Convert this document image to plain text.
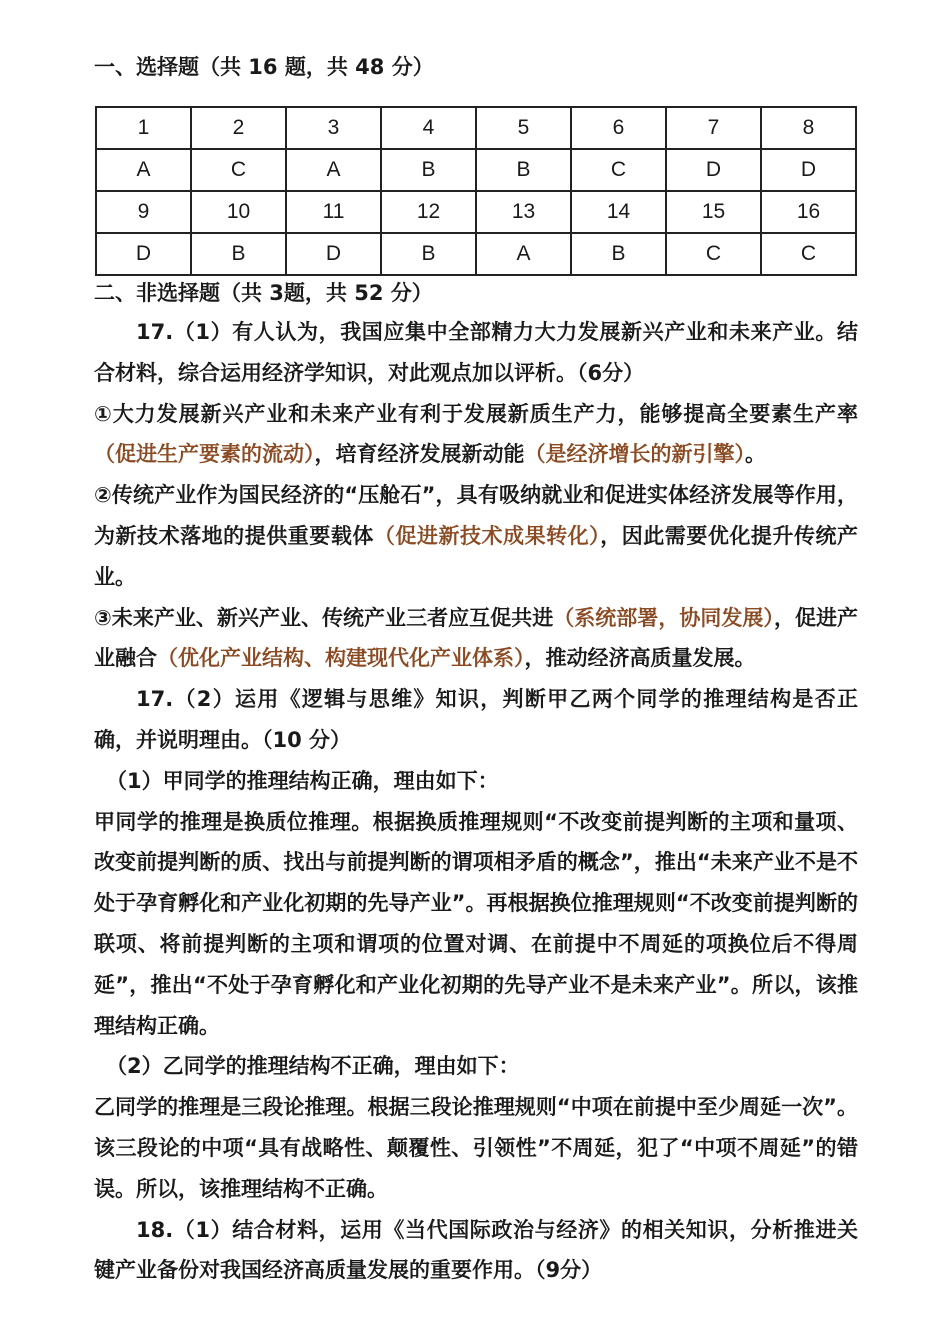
一、选择题（共 16 题，共 48 分）
1	2	3	4	5	6	7	8
A	C	A	B	B	C	D	D
9	10	11	12	13	14	15	16
D	B	D	B	A	B	C	C
二、非选择题（共 3题，共 52 分）

17.（1）有人认为，我国应集中全部精力大力发展新兴产业和未来产业。结合材料，综合运用经济学知识，对此观点加以评析。（6分）

①大力发展新兴产业和未来产业有利于发展新质生产力，能够提高全要素生产率（促进生产要素的流动），培育经济发展新动能（是经济增长的新引擎）。

②传统产业作为国民经济的“压舱石”，具有吸纳就业和促进实体经济发展等作用，为新技术落地的提供重要载体（促进新技术成果转化），因此需要优化提升传统产业。

③未来产业、新兴产业、传统产业三者应互促共进（系统部署，协同发展），促进产业融合（优化产业结构、构建现代化产业体系），推动经济高质量发展。

17.（2）运用《逻辑与思维》知识，判断甲乙两个同学的推理结构是否正确，并说明理由。（10 分）

（1）甲同学的推理结构正确，理由如下：

甲同学的推理是换质位推理。根据换质推理规则“不改变前提判断的主项和量项、改变前提判断的质、找出与前提判断的谓项相矛盾的概念”，推出“未来产业不是不处于孕育孵化和产业化初期的先导产业”。再根据换位推理规则“不改变前提判断的联项、将前提判断的主项和谓项的位置对调、在前提中不周延的项换位后不得周延”，推出“不处于孕育孵化和产业化初期的先导产业不是未来产业”。所以，该推理结构正确。

（2）乙同学的推理结构不正确，理由如下：

乙同学的推理是三段论推理。根据三段论推理规则“中项在前提中至少周延一次”。该三段论的中项“具有战略性、颠覆性、引领性”不周延，犯了“中项不周延”的错误。所以，该推理结构不正确。

18.（1）结合材料，运用《当代国际政治与经济》的相关知识，分析推进关键产业备份对我国经济高质量发展的重要作用。（9分）
